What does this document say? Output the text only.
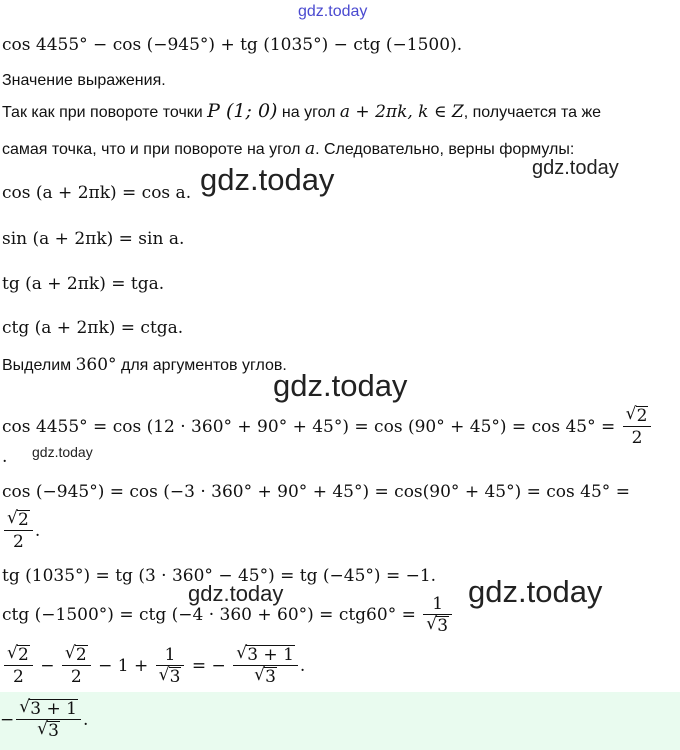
gdz.today
cos 4455° − cos (−945°) + tg (1035°) − ctg (−1500).
Значение выражения.
Так как при повороте точки P (1; 0) на угол a + 2πk, k ∈ Z, получается та же
самая точка, что и при повороте на угол a. Следовательно, верны формулы:
gdz.today
cos (a + 2πk) = cos a. gdz.today
sin (a + 2πk) = sin a.
tg (a + 2πk) = tga.
ctg (a + 2πk) = ctga.
Выделим 360° для аргументов углов.
gdz.today
cos 4455° = cos (12 · 360° + 90° + 45°) = cos (90° + 45°) = cos 45° = √ $\frac{2}{2}$
. gdz.today
cos (−945°) = cos (−3 · 360° + 90° + 45°) = cos(90° + 45°) = cos 45° =
√ $\frac{2}{2}$ .
tg (1035°) = tg (3 · 360° − 45°) = tg (−45°) = −1.
gdz.today
ctg (−1500°) = ctg (−4 · 360 + 60°) = ctg60° = 1
√ 3
gdz.today
√ $\frac{2}{2}$ − √ $\frac{2}{2} - 1 + 1$
√ 3 = − √ 3 + 1
√ 3 .
− √ 3 + 1
√ 3 .
